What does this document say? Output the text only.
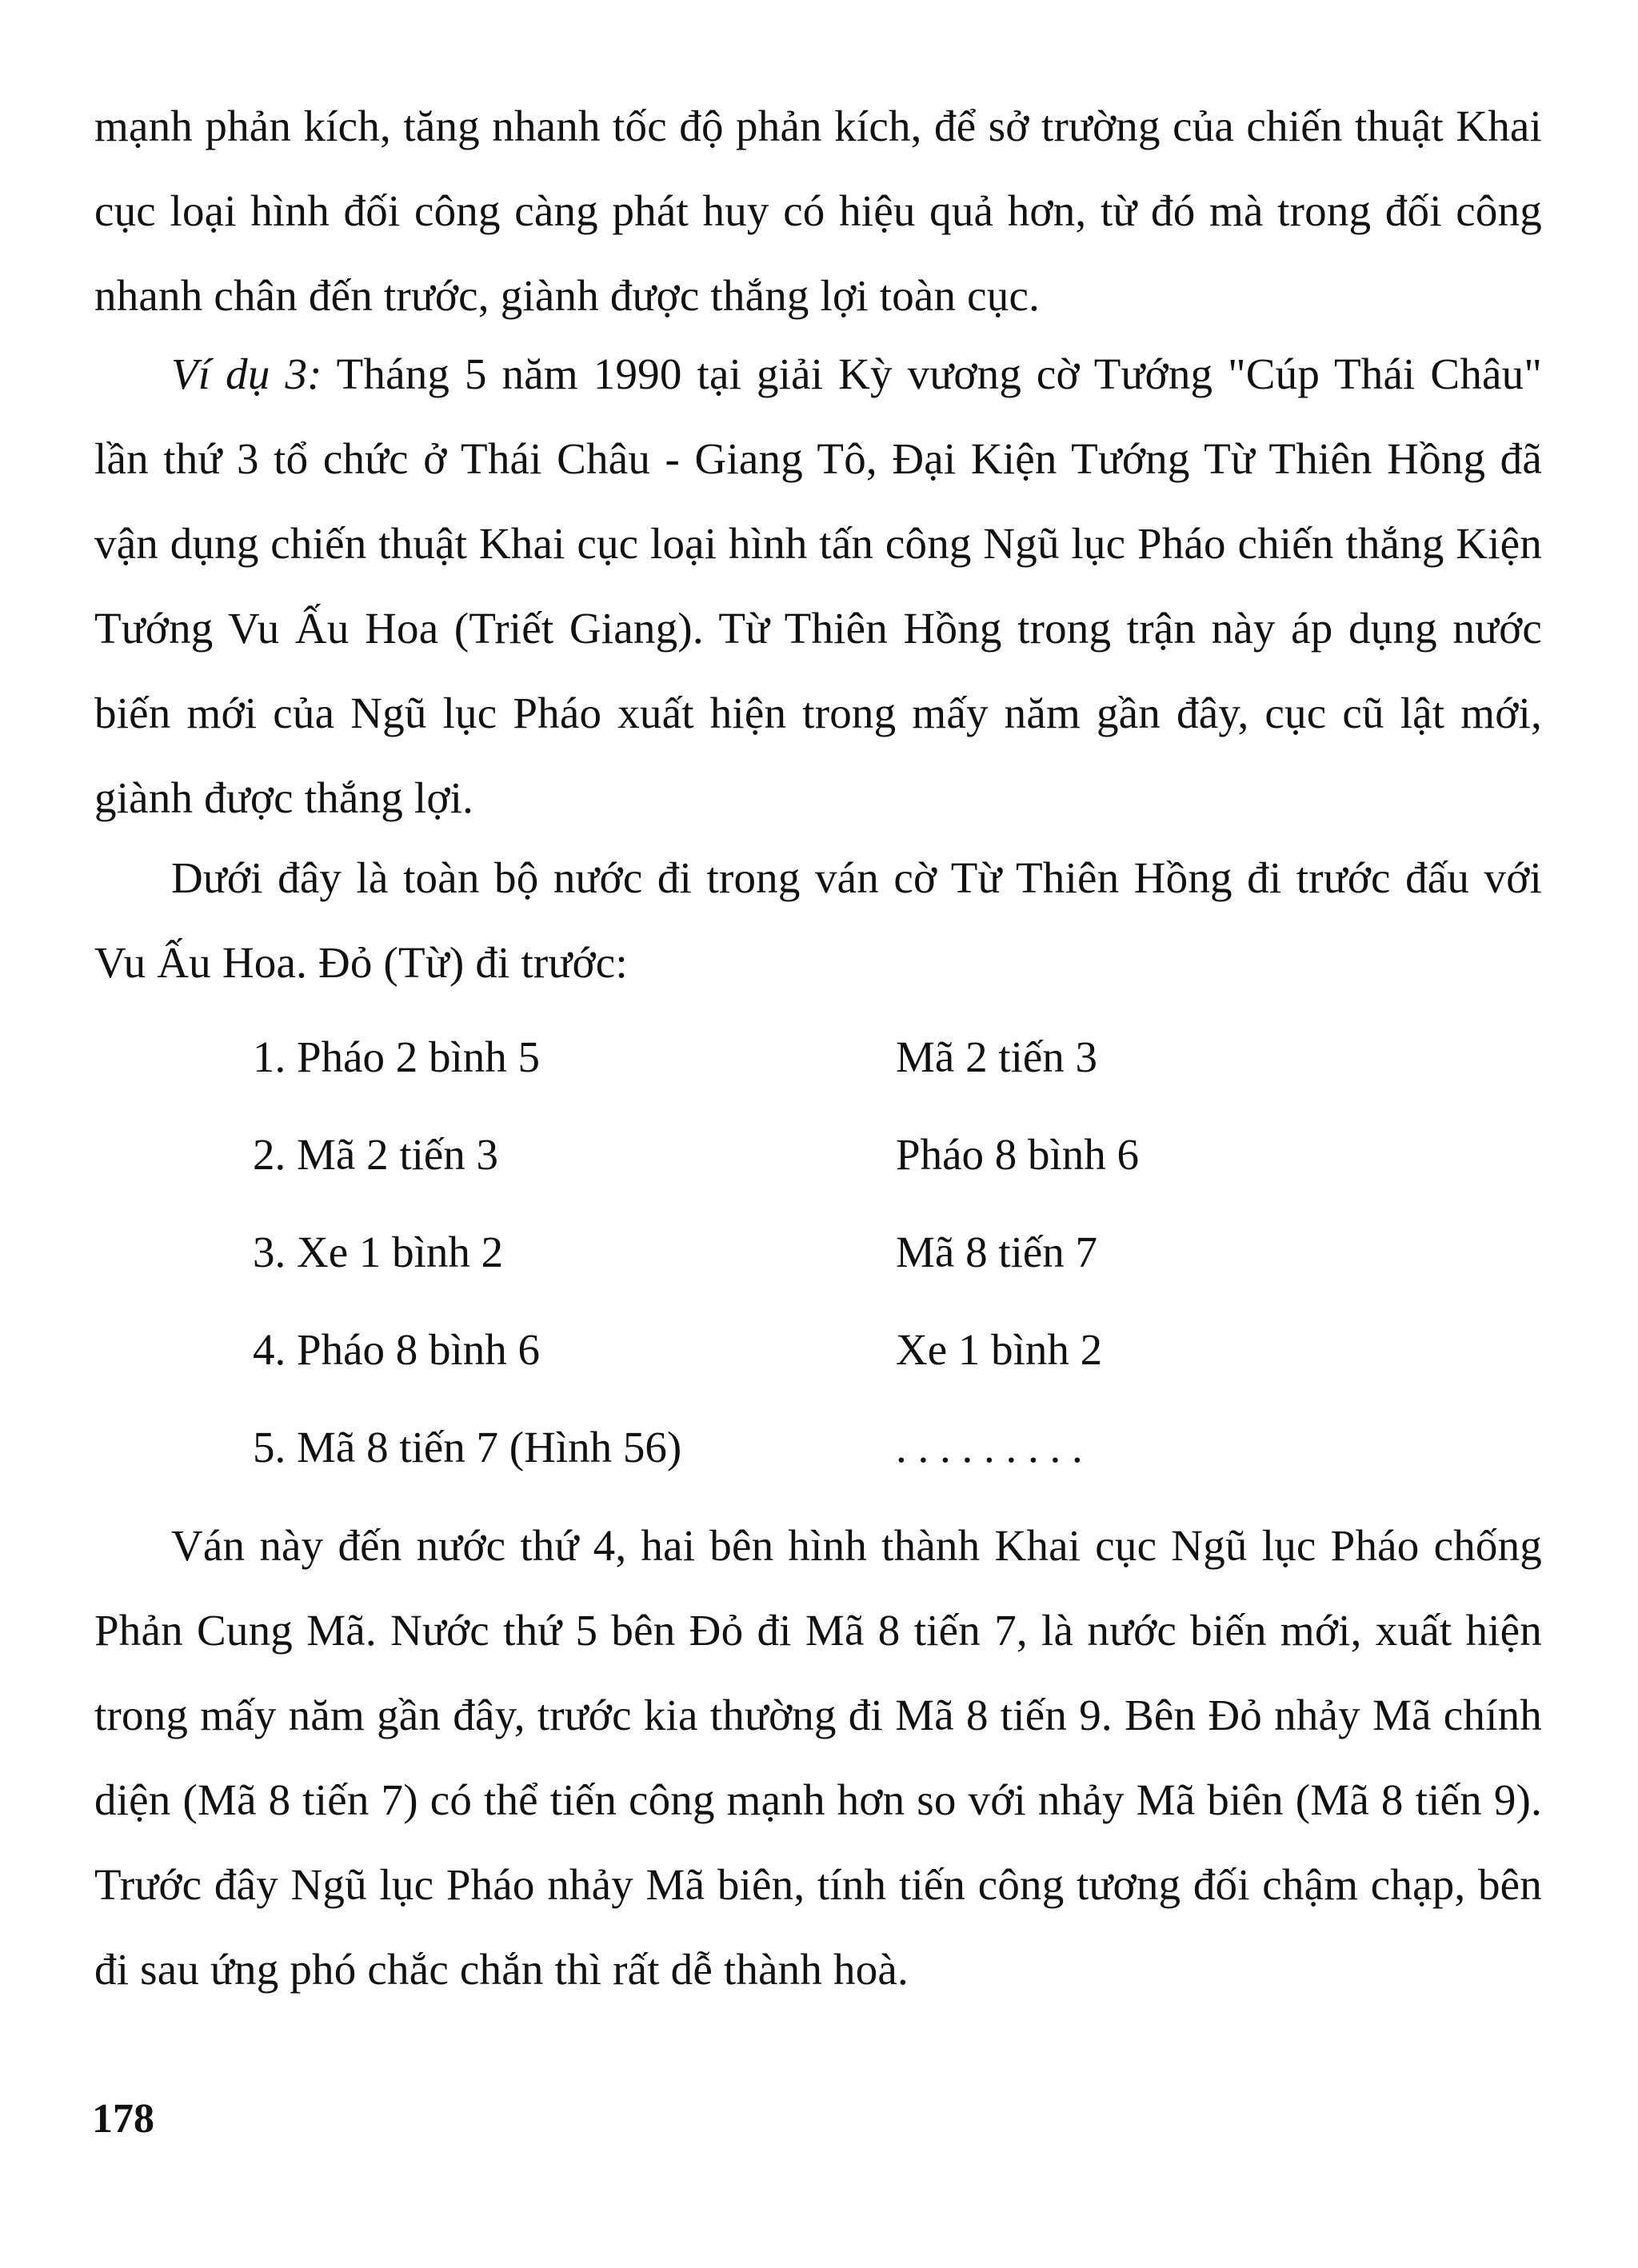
mạnh phản kích, tăng nhanh tốc độ phản kích, để sở trường của chiến thuật Khai cục loại hình đối công càng phát huy có hiệu quả hơn, từ đó mà trong đối công nhanh chân đến trước, giành được thắng lợi toàn cục.

Ví dụ 3: Tháng 5 năm 1990 tại giải Kỳ vương cờ Tướng "Cúp Thái Châu" lần thứ 3 tổ chức ở Thái Châu - Giang Tô, Đại Kiện Tướng Từ Thiên Hồng đã vận dụng chiến thuật Khai cục loại hình tấn công Ngũ lục Pháo chiến thắng Kiện Tướng Vu Ấu Hoa (Triết Giang). Từ Thiên Hồng trong trận này áp dụng nước biến mới của Ngũ lục Pháo xuất hiện trong mấy năm gần đây, cục cũ lật mới, giành được thắng lợi.

Dưới đây là toàn bộ nước đi trong ván cờ Từ Thiên Hồng đi trước đấu với Vu Ấu Hoa. Đỏ (Từ) đi trước:

1. Pháo 2 bình 5	Mã 2 tiến 3
2. Mã 2 tiến 3	Pháo 8 bình 6
3. Xe 1 bình 2	Mã 8 tiến 7
4. Pháo 8 bình 6	Xe 1 bình 2
5. Mã 8 tiến 7 (Hình 56)	. . . . . . . . .

Ván này đến nước thứ 4, hai bên hình thành Khai cục Ngũ lục Pháo chống Phản Cung Mã. Nước thứ 5 bên Đỏ đi Mã 8 tiến 7, là nước biến mới, xuất hiện trong mấy năm gần đây, trước kia thường đi Mã 8 tiến 9. Bên Đỏ nhảy Mã chính diện (Mã 8 tiến 7) có thể tiến công mạnh hơn so với nhảy Mã biên (Mã 8 tiến 9). Trước đây Ngũ lục Pháo nhảy Mã biên, tính tiến công tương đối chậm chạp, bên đi sau ứng phó chắc chắn thì rất dễ thành hoà.

178
